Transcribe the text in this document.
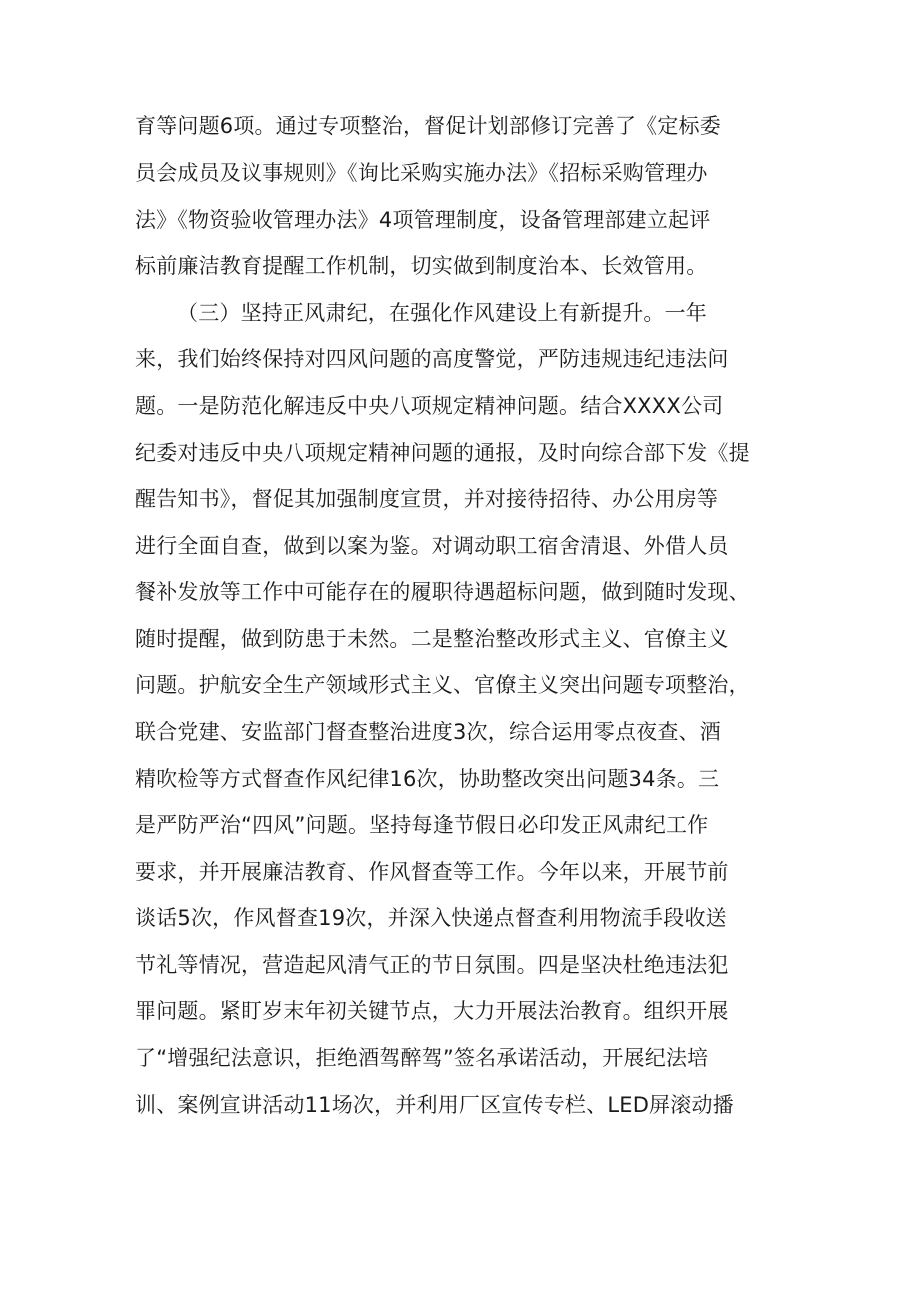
育等问题6项。通过专项整治，督促计划部修订完善了《定标委
员会成员及议事规则》《询比采购实施办法》《招标采购管理办
法》《物资验收管理办法》4项管理制度，设备管理部建立起评
标前廉洁教育提醒工作机制，切实做到制度治本、长效管用。
（三）坚持正风肃纪，在强化作风建设上有新提升。一年
来，我们始终保持对四风问题的高度警觉，严防违规违纪违法问
题。一是防范化解违反中央八项规定精神问题。结合XXXX公司
纪委对违反中央八项规定精神问题的通报，及时向综合部下发《提
醒告知书》，督促其加强制度宣贯，并对接待招待、办公用房等
进行全面自查，做到以案为鉴。对调动职工宿舍清退、外借人员
餐补发放等工作中可能存在的履职待遇超标问题，做到随时发现、
随时提醒，做到防患于未然。二是整治整改形式主义、官僚主义
问题。护航安全生产领域形式主义、官僚主义突出问题专项整治，
联合党建、安监部门督查整治进度3次，综合运用零点夜查、酒
精吹检等方式督查作风纪律16次，协助整改突出问题34条。三
是严防严治“四风”问题。坚持每逢节假日必印发正风肃纪工作
要求，并开展廉洁教育、作风督查等工作。今年以来，开展节前
谈话5次，作风督查19次，并深入快递点督查利用物流手段收送
节礼等情况，营造起风清气正的节日氛围。四是坚决杜绝违法犯
罪问题。紧盯岁末年初关键节点，大力开展法治教育。组织开展
了“增强纪法意识，拒绝酒驾醉驾”签名承诺活动，开展纪法培
训、案例宣讲活动11场次，并利用厂区宣传专栏、LED屏滚动播
